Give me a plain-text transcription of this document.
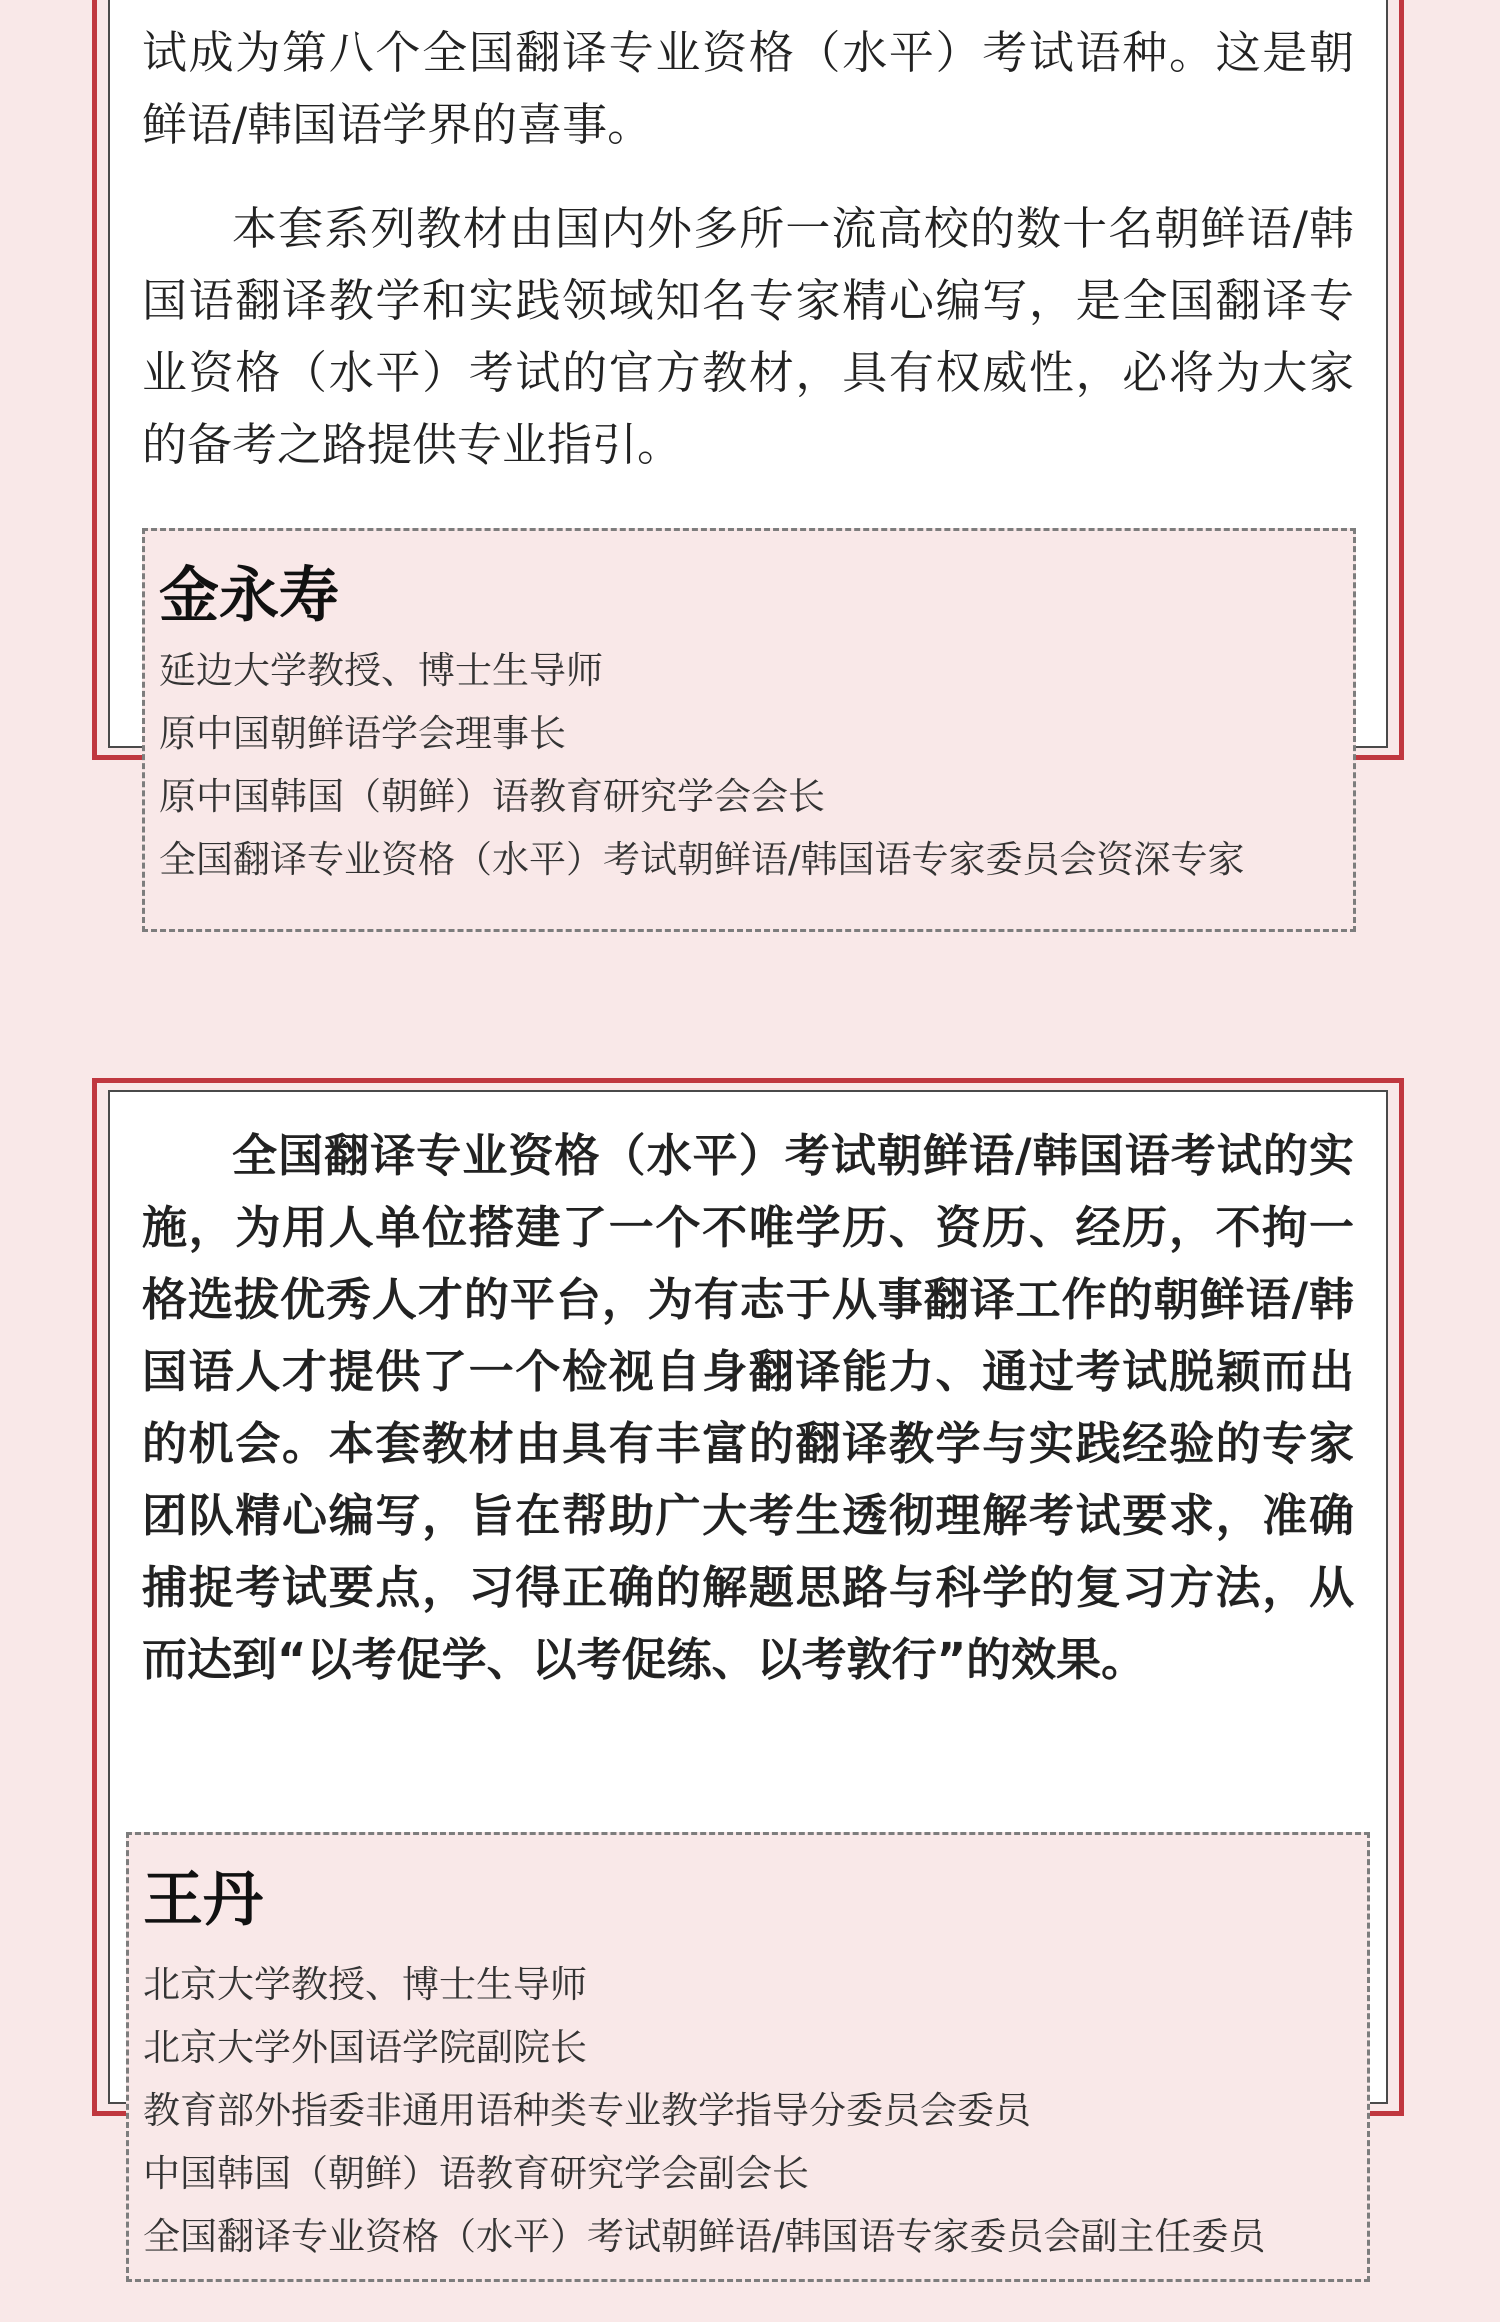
试成为第八个全国翻译专业资格（水平）考试语种。这是朝鲜语/韩国语学界的喜事。

本套系列教材由国内外多所一流高校的数十名朝鲜语/韩国语翻译教学和实践领域知名专家精心编写，是全国翻译专业资格（水平）考试的官方教材，具有权威性，必将为大家的备考之路提供专业指引。

金永寿
延边大学教授、博士生导师
原中国朝鲜语学会理事长
原中国韩国（朝鲜）语教育研究学会会长
全国翻译专业资格（水平）考试朝鲜语/韩国语专家委员会资深专家

全国翻译专业资格（水平）考试朝鲜语/韩国语考试的实施，为用人单位搭建了一个不唯学历、资历、经历，不拘一格选拔优秀人才的平台，为有志于从事翻译工作的朝鲜语/韩国语人才提供了一个检视自身翻译能力、通过考试脱颖而出的机会。本套教材由具有丰富的翻译教学与实践经验的专家团队精心编写，旨在帮助广大考生透彻理解考试要求，准确捕捉考试要点，习得正确的解题思路与科学的复习方法，从而达到“以考促学、以考促练、以考敦行”的效果。

王丹
北京大学教授、博士生导师
北京大学外国语学院副院长
教育部外指委非通用语种类专业教学指导分委员会委员
中国韩国（朝鲜）语教育研究学会副会长
全国翻译专业资格（水平）考试朝鲜语/韩国语专家委员会副主任委员
